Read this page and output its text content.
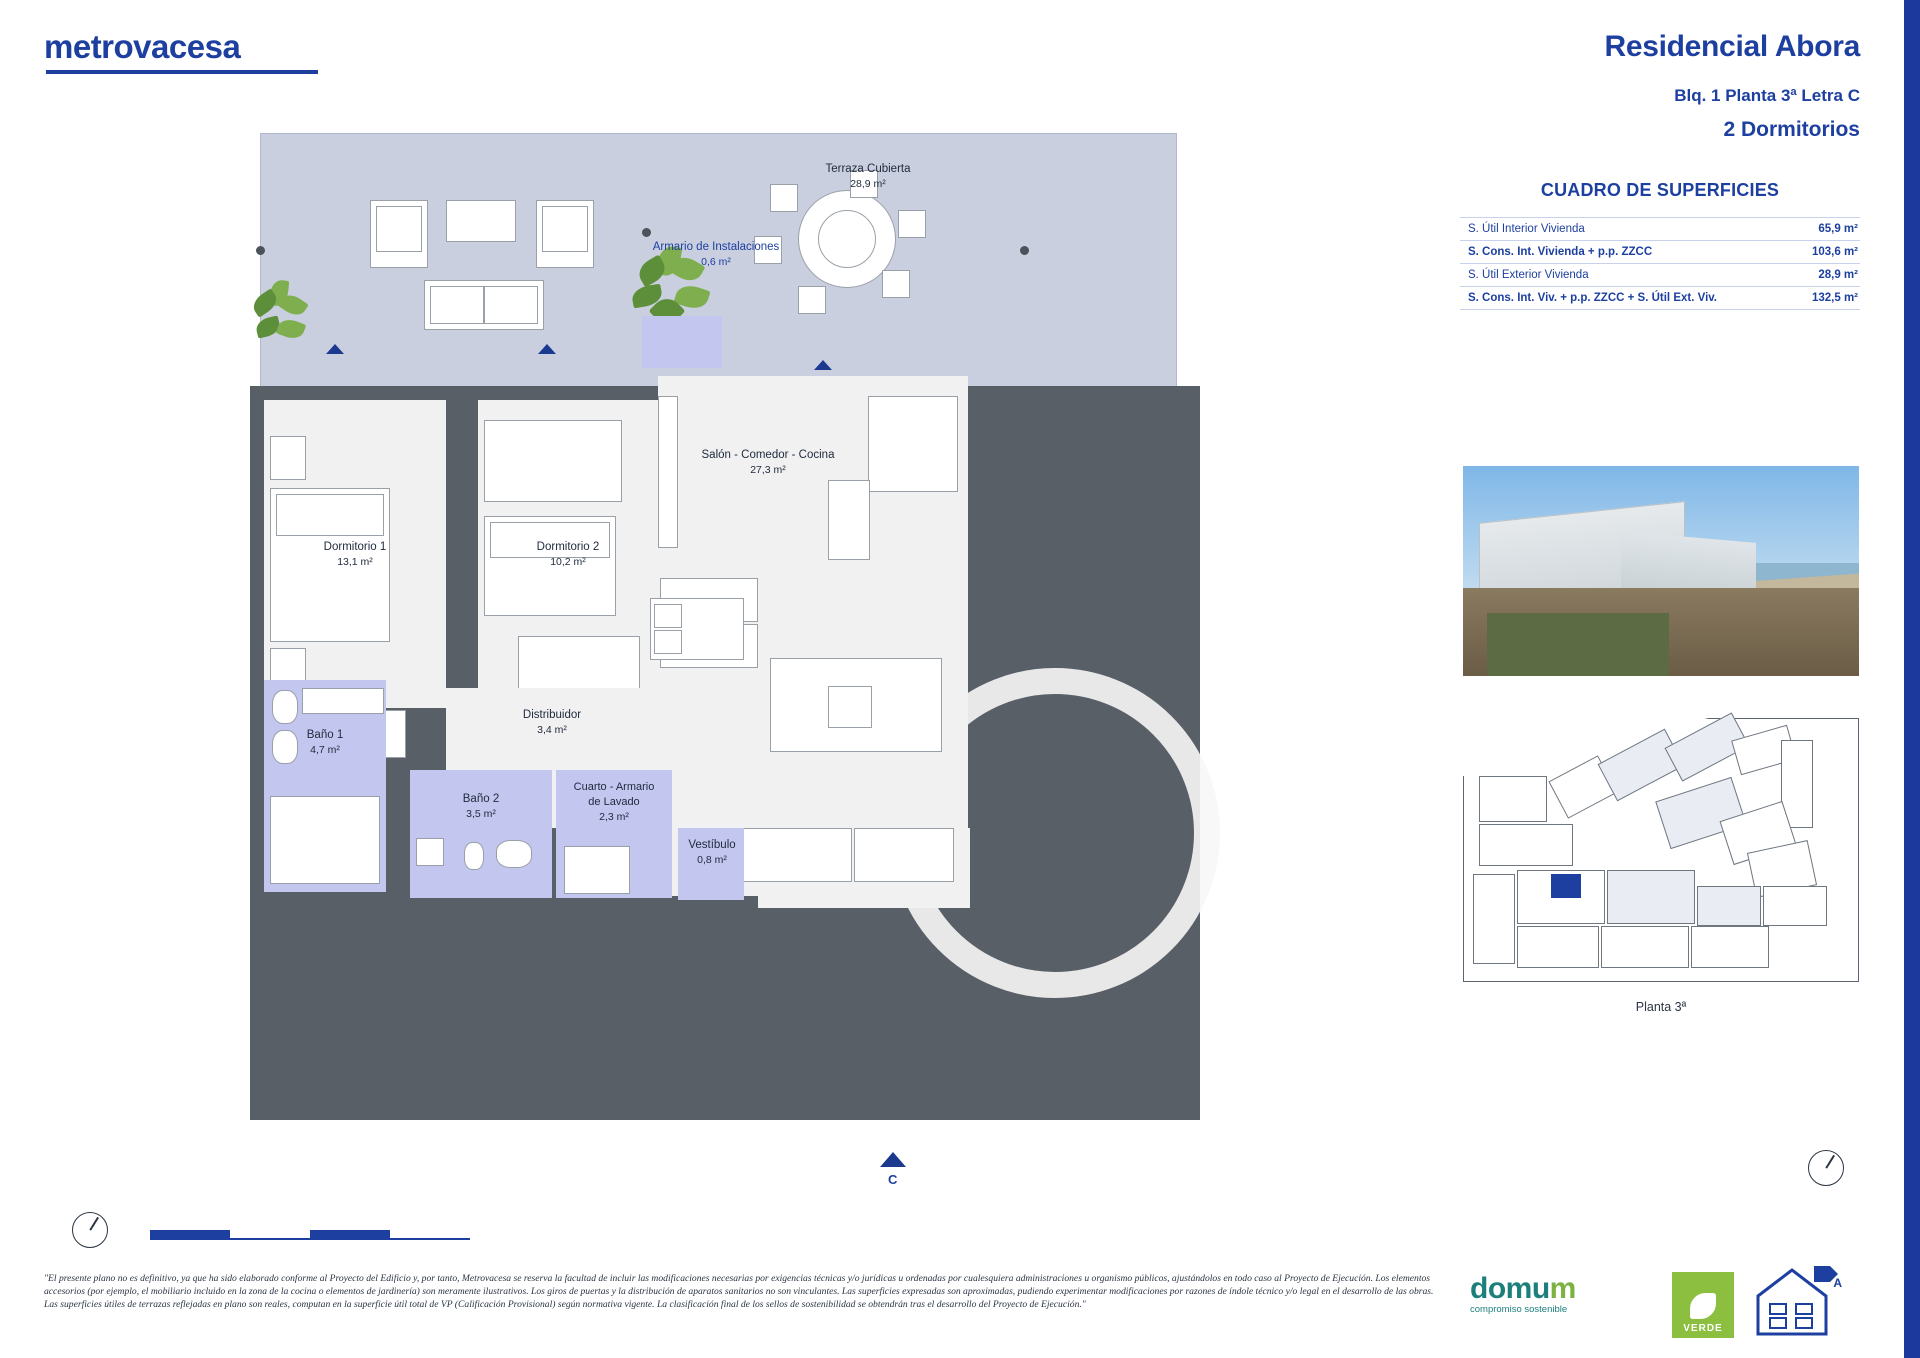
metrovacesa	Residencial Abora
Blq. 1 Planta 3ª Letra C
2 Dormitorios
CUADRO DE SUPERFICIES
S. Útil Interior Vivienda	65,9 m²
S. Cons. Int. Vivienda + p.p. ZZCC	103,6 m²
S. Útil Exterior Vivienda	28,9 m²
S. Cons. Int. Viv. + p.p. ZZCC + S. Útil Ext. Viv.	132,5 m²
Planta 3ª
Terraza Cubierta
28,9 m²
Dormitorio 1
13,1 m²
Dormitorio 2
10,2 m²
Salón - Comedor - Cocina
27,3 m²
Armario de Instalaciones
0,6 m²
Baño 1
4,7 m²
Distribuidor
3,4 m²
Baño 2
3,5 m²
Cuarto - Armario
de Lavado
2,3 m²
Vestíbulo
0,8 m²
C
"El presente plano no es definitivo, ya que ha sido elaborado conforme al Proyecto del Edificio y, por tanto, Metrovacesa se reserva la facultad de incluir las modificaciones necesarias por exigencias técnicas y/o jurídicas u ordenadas por cualesquiera administraciones u organismo públicos, ajustándolos en todo caso al Proyecto de Ejecución. Los elementos accesorios (por ejemplo, el mobiliario incluido en la zona de la cocina o elementos de jardinería) son meramente ilustrativos. Los giros de puertas y la distribución de aparatos sanitarios no son vinculantes. Las superficies expresadas son aproximadas, pudiendo experimentar modificaciones por razones de índole técnico y/o legal en el desarrollo de las obras. Las superficies útiles de terrazas reflejadas en plano son reales, computan en la superficie útil total de VP (Calificación Provisional) según normativa vigente. La clasificación final de los sellos de sostenibilidad se obtendrán tras el desarrollo del Proyecto de Ejecución."	domum
compromiso sostenible
VERDE
A
